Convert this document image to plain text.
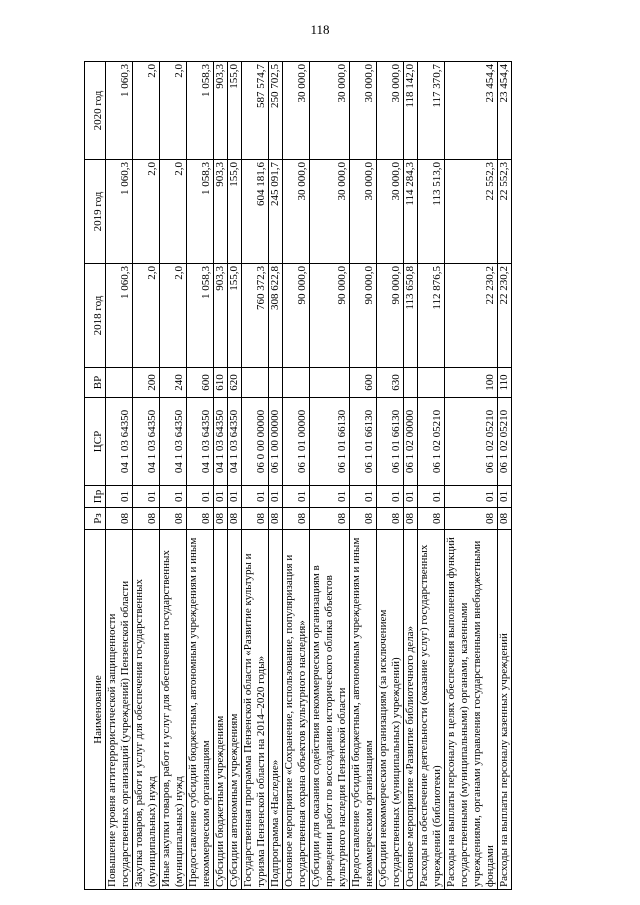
118
Наименование	Рз	Пр	ЦСР	ВР	2018 год	2019 год	2020 год
Повышение уровня антитеррористической защищенности государственных организаций (учреждений) Пензенской области	08	01	04 1 03 64350		1 060,3	1 060,3	1 060,3
Закупка товаров, работ и услуг для обеспечения государственных (муниципальных) нужд	08	01	04 1 03 64350	200	2,0	2,0	2,0
Иные закупки товаров, работ и услуг для обеспечения государственных (муниципальных) нужд	08	01	04 1 03 64350	240	2,0	2,0	2,0
Предоставление субсидий бюджетным, автономным учреждениям и иным некоммерческим организациям	08	01	04 1 03 64350	600	1 058,3	1 058,3	1 058,3
Субсидии бюджетным учреждениям	08	01	04 1 03 64350	610	903,3	903,3	903,3
Субсидии автономным учреждениям	08	01	04 1 03 64350	620	155,0	155,0	155,0
Государственная программа Пензенской области «Развитие культуры и туризма Пензенской области на 2014–2020 годы»	08	01	06 0 00 00000		760 372,3	604 181,6	587 574,7
Подпрограмма «Наследие»	08	01	06 1 00 00000		308 622,8	245 091,7	250 702,5
Основное мероприятие «Сохранение, использование, популяризация и государственная охрана объектов культурного наследия»	08	01	06 1 01 00000		90 000,0	30 000,0	30 000,0
Субсидии для оказания содействия некоммерческим организациям в проведении работ по воссозданию исторического облика объектов культурного наследия Пензенской области	08	01	06 1 01 66130		90 000,0	30 000,0	30 000,0
Предоставление субсидий бюджетным, автономным учреждениям и иным некоммерческим организациям	08	01	06 1 01 66130	600	90 000,0	30 000,0	30 000,0
Субсидии некоммерческим организациям (за исключением государственных (муниципальных) учреждений)	08	01	06 1 01 66130	630	90 000,0	30 000,0	30 000,0
Основное мероприятие «Развитие библиотечного дела»	08	01	06 1 02 00000		113 650,8	114 284,3	118 142,0
Расходы на обеспечение деятельности (оказание услуг) государственных учреждений (библиотеки)	08	01	06 1 02 05210		112 876,5	113 513,0	117 370,7
Расходы на выплаты персоналу в целях обеспечения выполнения функций государственными (муниципальными) органами, казенными учреждениями, органами управления государственными внебюджетными фондами	08	01	06 1 02 05210	100	22 230,2	22 552,3	23 454,4
Расходы на выплаты персоналу казенных учреждений	08	01	06 1 02 05210	110	22 230,2	22 552,3	23 454,4
